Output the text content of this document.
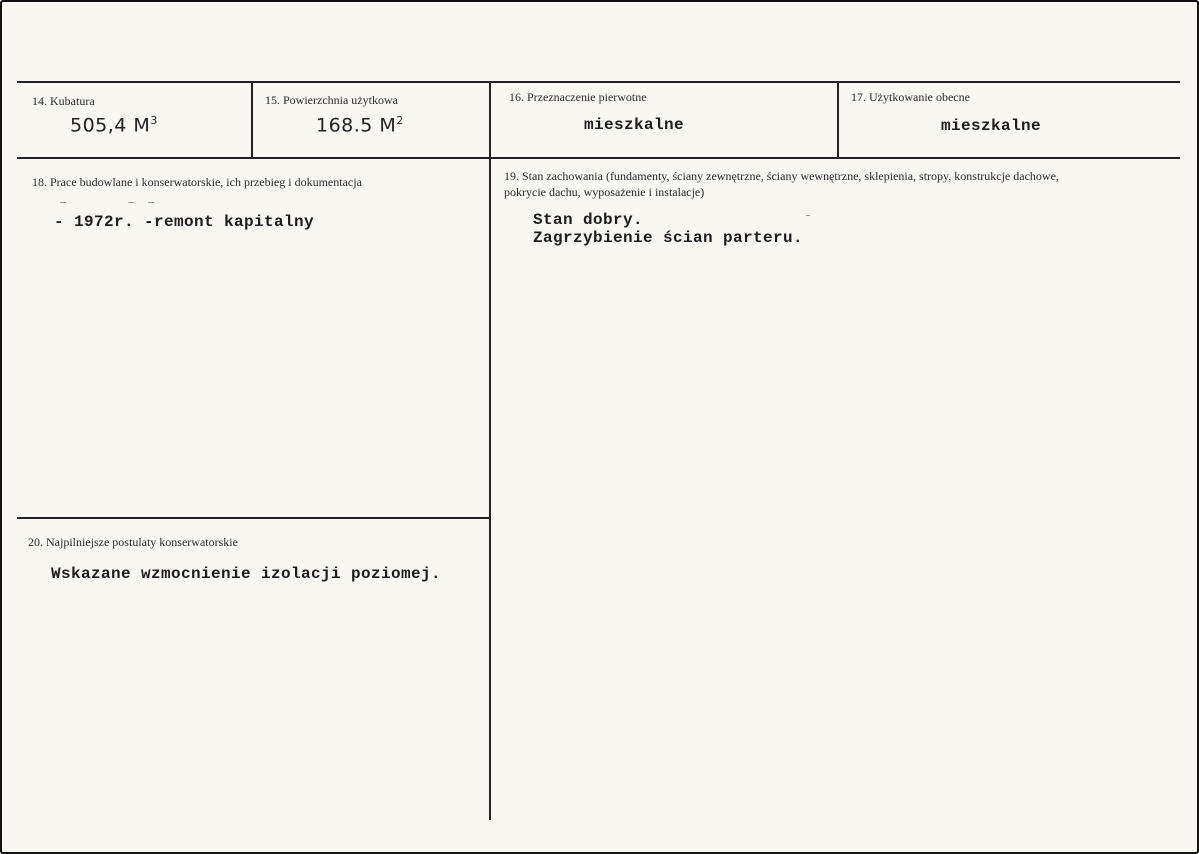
14. Kubatura
505,4 $M^3$
15. Powierzchnia użytkowa
168.5 $M^2$
16. Przeznaczenie pierwotne
mieszkalne
17. Użytkowanie obecne
mieszkalne
18. Prace budowlane i konserwatorskie, ich przebieg i dokumentacja
- 1972r. -remont kapitalny
19. Stan zachowania (fundamenty, ściany zewnętrzne, ściany wewnętrzne, sklepienia, stropy, konstrukcje dachowe, pokrycie dachu, wyposażenie i instalacje)
Stan dobry.
Zagrzybienie ścian parteru.
20. Najpilniejsze postulaty konserwatorskie
Wskazane wzmocnienie izolacji poziomej.
